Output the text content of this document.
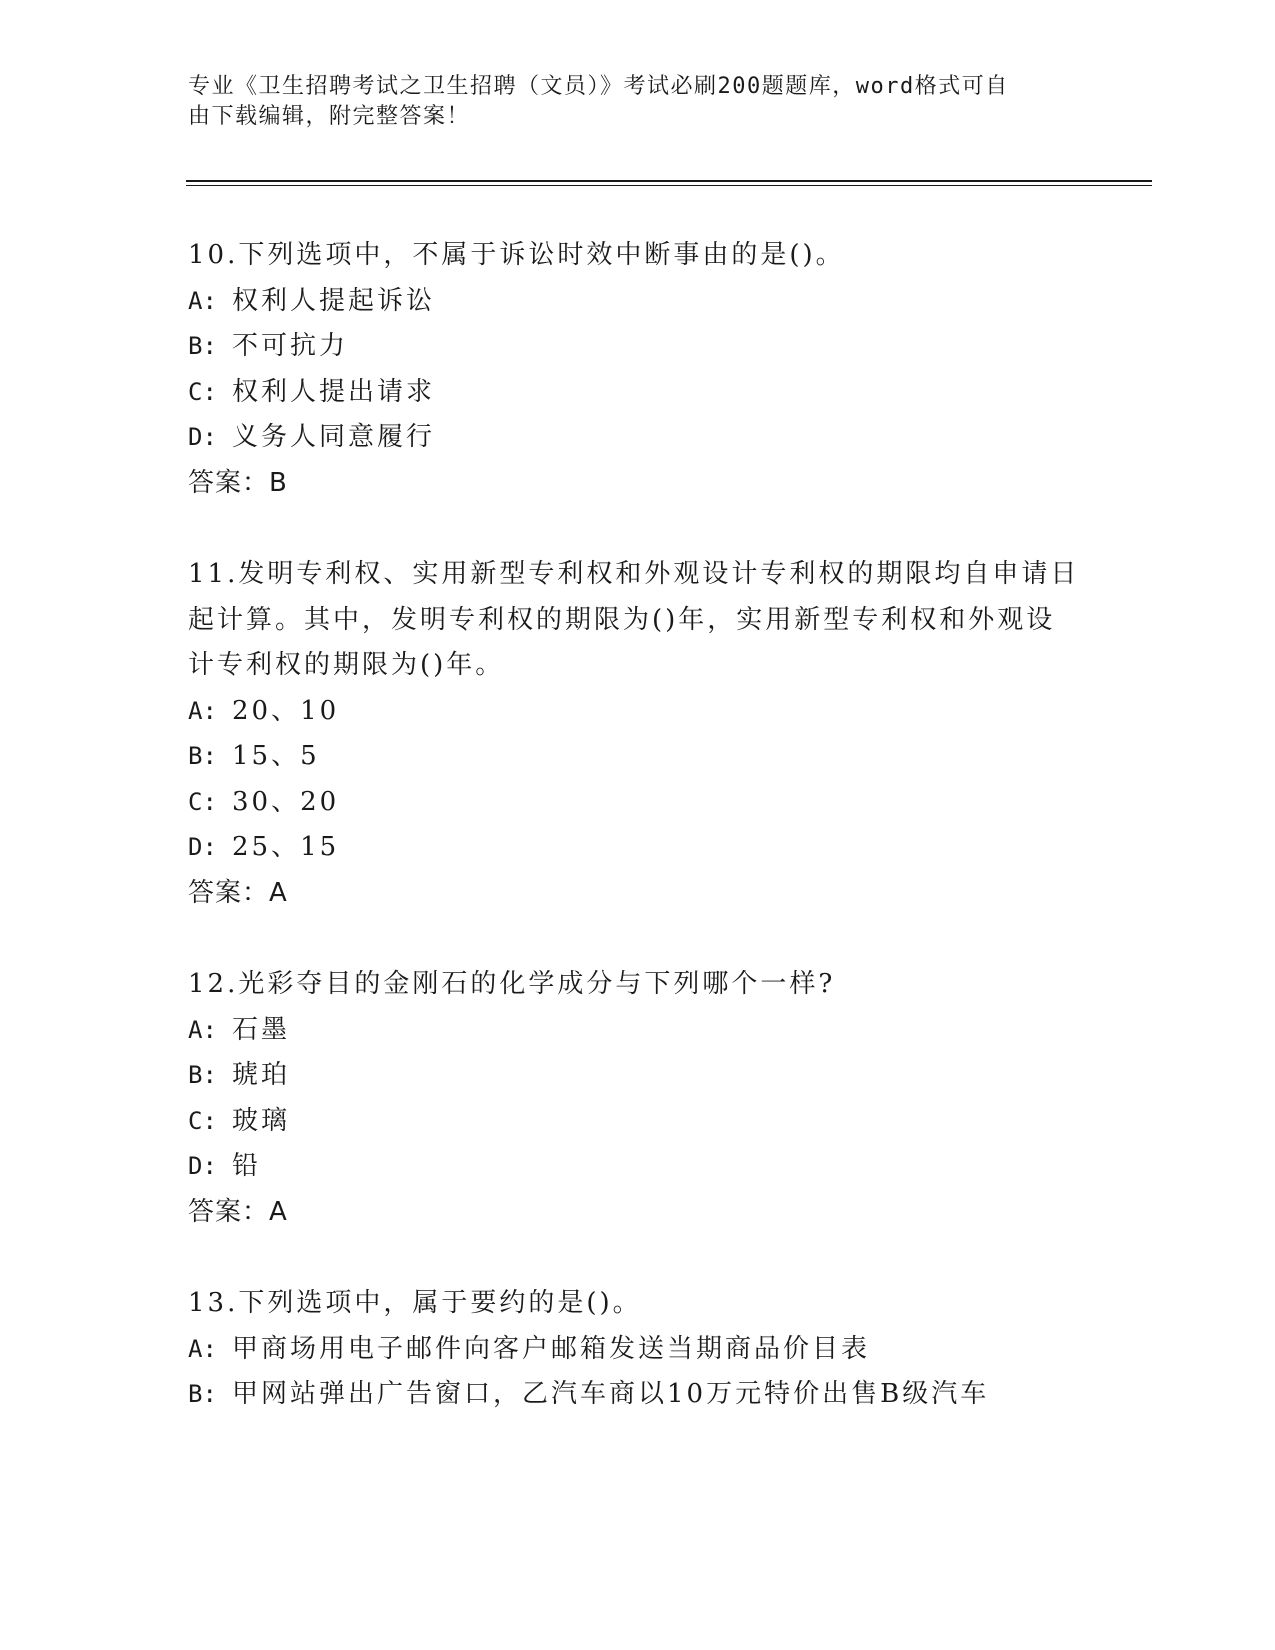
专业《卫生招聘考试之卫生招聘（文员）》考试必刷200题题库，word格式可自
由下载编辑，附完整答案！
10.下列选项中，不属于诉讼时效中断事由的是()。
A: 权利人提起诉讼
B: 不可抗力
C: 权利人提出请求
D: 义务人同意履行
答案：B
11.发明专利权、实用新型专利权和外观设计专利权的期限均自申请日
起计算。其中，发明专利权的期限为()年，实用新型专利权和外观设
计专利权的期限为()年。
A: 20、10
B: 15、5
C: 30、20
D: 25、15
答案：A
12.光彩夺目的金刚石的化学成分与下列哪个一样?
A: 石墨
B: 琥珀
C: 玻璃
D: 铅
答案：A
13.下列选项中，属于要约的是()。
A: 甲商场用电子邮件向客户邮箱发送当期商品价目表
B: 甲网站弹出广告窗口，乙汽车商以10万元特价出售B级汽车
